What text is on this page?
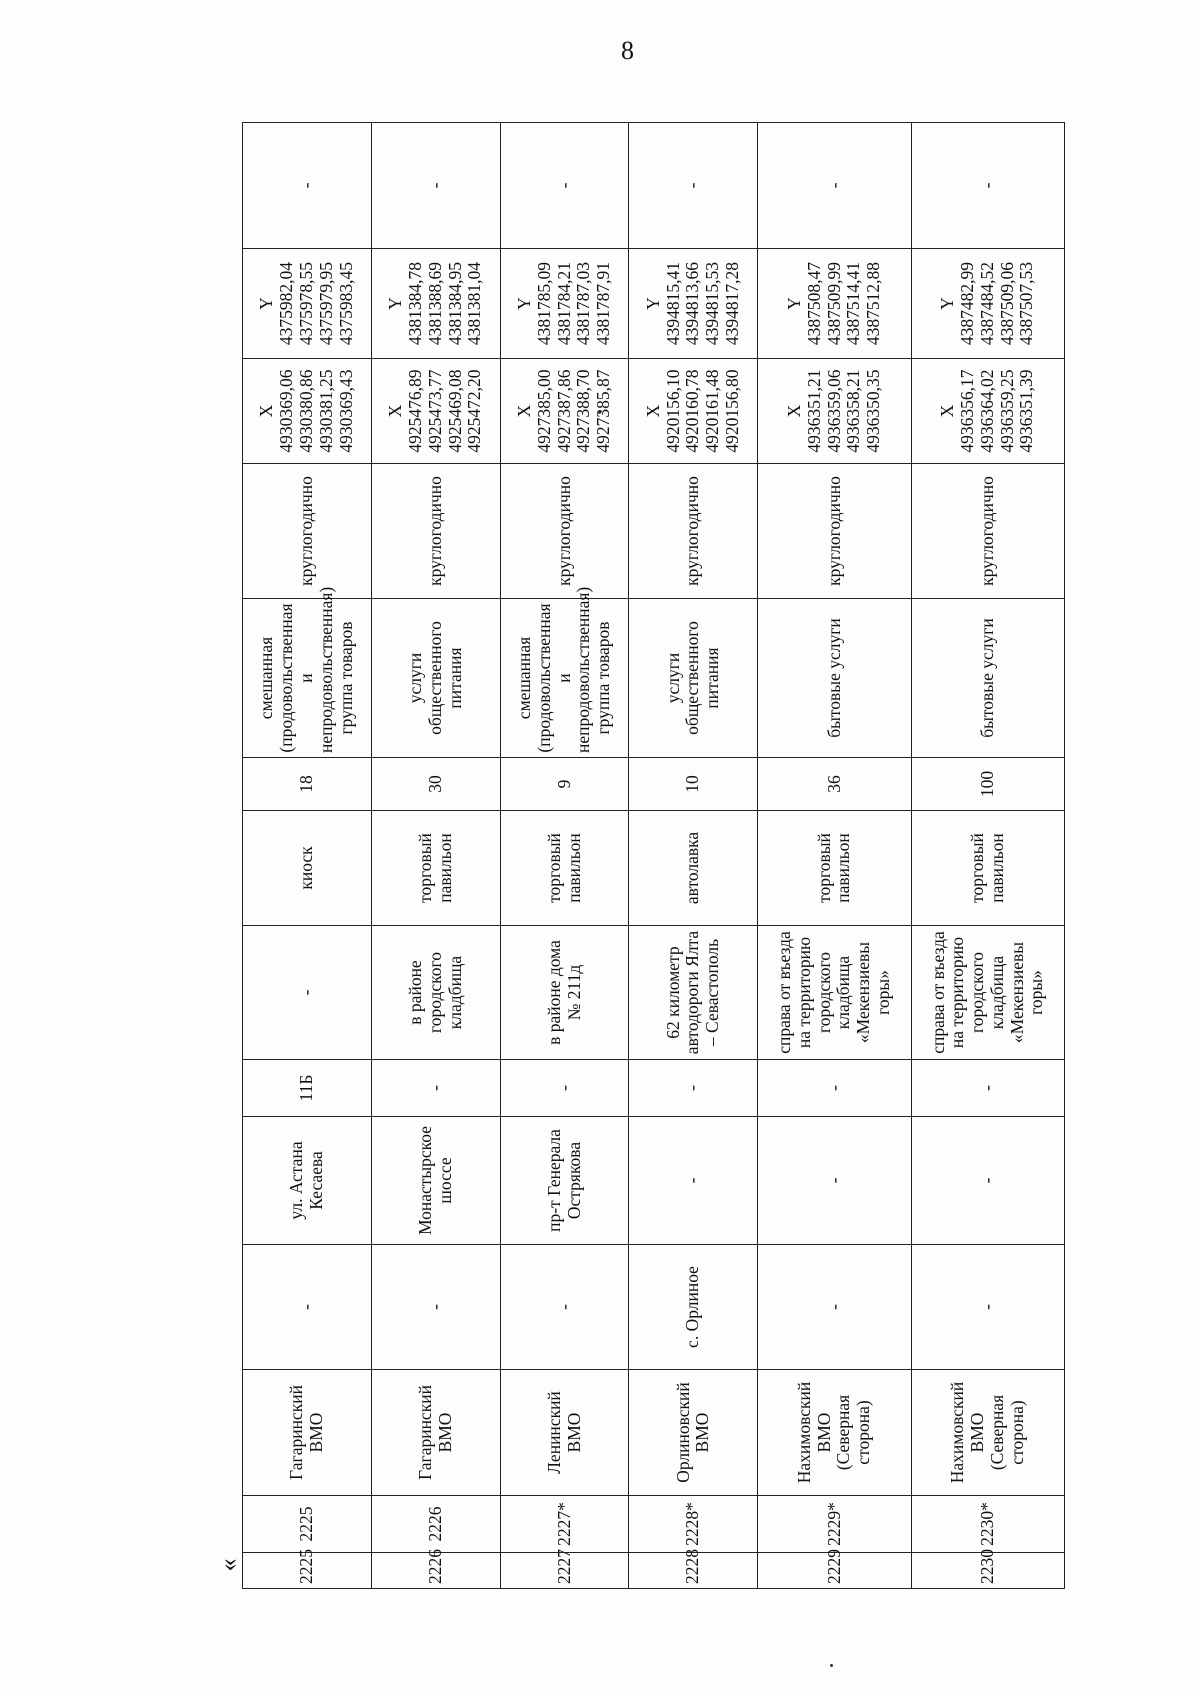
8
«	2225	2225	Гагаринский ВМО	-	ул. Астана Кесаева	11Б	-	киоск	18	смешанная (продовольственная и непродовольственная) группа товаров	круглогодично	X 4930369,06 4930380,86 4930381,25 4930369,43	Y 4375982,04 4375978,55 4375979,95 4375983,45	-
2226	2226	Гагаринский ВМО	-	Монастырское шоссе	-	в районе городского кладбища	торговый павильон	30	услуги общественного питания	круглогодично	X 4925476,89 4925473,77 4925469,08 4925472,20	Y 4381384,78 4381388,69 4381384,95 4381381,04	-
2227	2227*	Ленинский ВМО	-	пр-т Генерала Острякова	-	в районе дома № 211д	торговый павильон	9	смешанная (продовольственная и непродовольственная) группа товаров	круглогодично	X 4927385,00 4927387,86 4927388,70 4927385,87	Y 4381785,09 4381784,21 4381787,03 4381787,91	-
2228	2228*	Орлиновский ВМО	с. Орлиное	-	-	62 километр автодороги Ялта – Севастополь	автолавка	10	услуги общественного питания	круглогодично	X 4920156,10 4920160,78 4920161,48 4920156,80	Y 4394815,41 4394813,66 4394815,53 4394817,28	-
2229	2229*	Нахимовский ВМО (Северная сторона)	-	-	-	справа от въезда на территорию городского кладбища «Мекензиевы горы»	торговый павильон	36	бытовые услуги	круглогодично	X 4936351,21 4936359,06 4936358,21 4936350,35	Y 4387508,47 4387509,99 4387514,41 4387512,88	-
2230	2230*	Нахимовский ВМО (Северная сторона)	-	-	-	справа от въезда на территорию городского кладбища «Мекензиевы горы»	торговый павильон	100	бытовые услуги	круглогодично	X 4936356,17 4936364,02 4936359,25 4936351,39	Y 4387482,99 4387484,52 4387509,06 4387507,53	-
